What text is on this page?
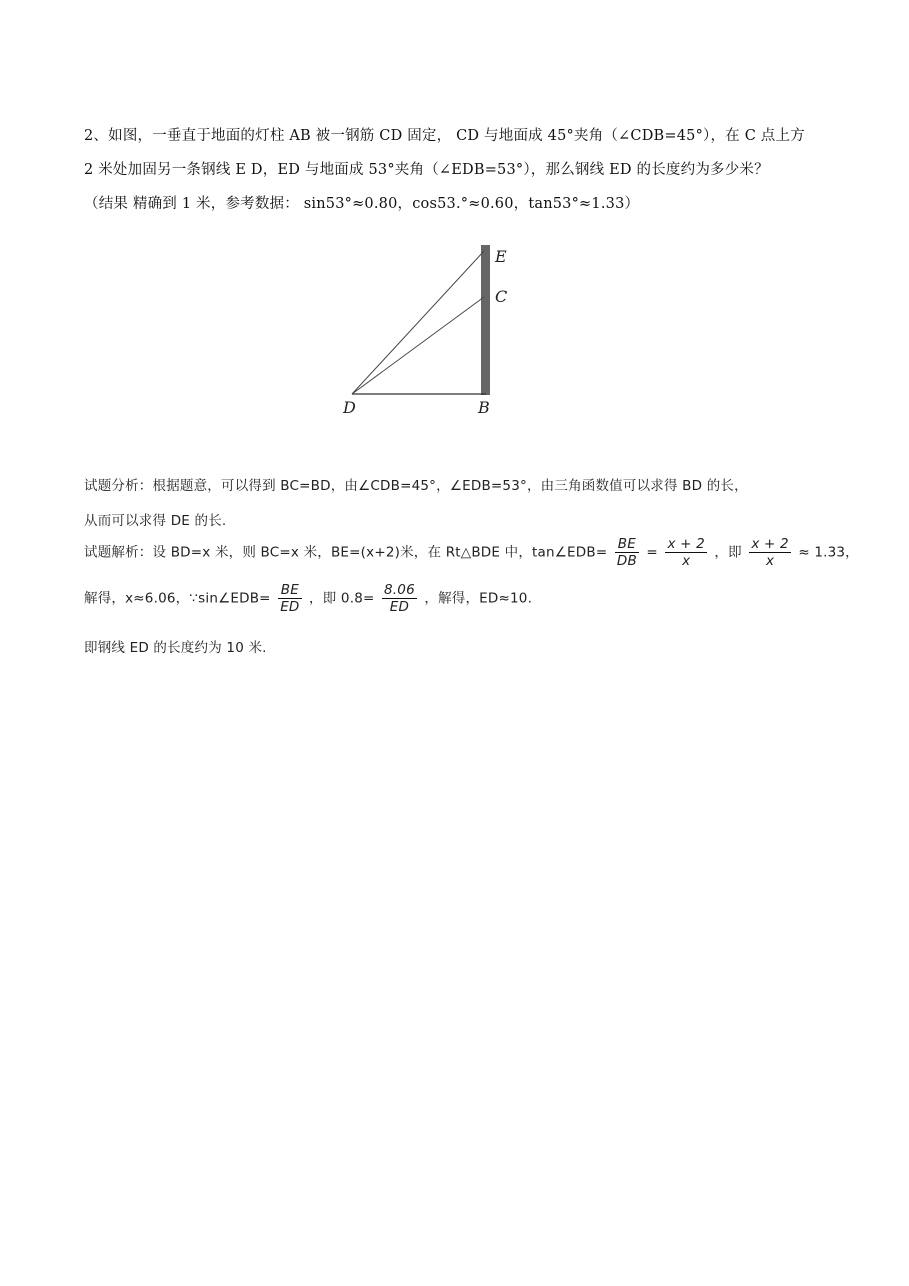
2、如图，一垂直于地面的灯柱 AB 被一钢筋 CD 固定， CD 与地面成 45°夹角（∠CDB=45°），在 C 点上方
2 米处加固另一条钢线 E D，ED 与地面成 53°夹角（∠EDB=53°），那么钢线 ED 的长度约为多少米？
（结果 精确到 1 米，参考数据： sin53°≈0.80，cos53.°≈0.60，tan53°≈1.33）
E
C
D	B
试题分析：根据题意，可以得到 BC=BD，由∠CDB=45°，∠EDB=53°，由三角函数值可以求得 BD 的长，
从而可以求得 DE 的长.
试题解析：设 BD=x 米，则 BC=x 米，BE=(x+2)米，在 Rt△BDE 中，tan∠EDB= $\frac{BE}{DB} = \frac{x + 2}{x}$ ，即 $\frac{x + 2}{x} \approx 1.33$，
解得，x≈6.06，∵sin∠EDB= $\frac{BE}{ED}$ ，即 $0.8= \frac{8.06}{ED}$ ，解得，ED≈10.
即钢线 ED 的长度约为 10 米.
